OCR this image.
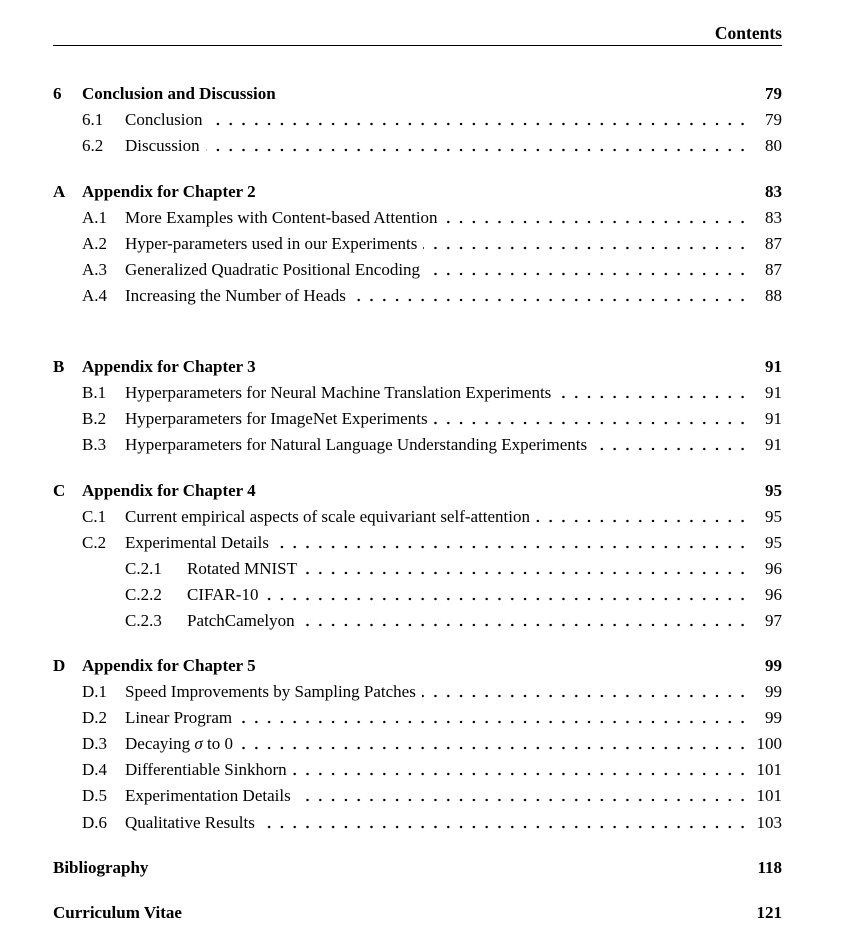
Contents
6 Conclusion and Discussion	79
6.1 Conclusion	79
6.2 Discussion	80
A Appendix for Chapter 2	83
A.1 More Examples with Content-based Attention	83
A.2 Hyper-parameters used in our Experiments	87
A.3 Generalized Quadratic Positional Encoding	87
A.4 Increasing the Number of Heads	88
B Appendix for Chapter 3	91
B.1 Hyperparameters for Neural Machine Translation Experiments	91
B.2 Hyperparameters for ImageNet Experiments	91
B.3 Hyperparameters for Natural Language Understanding Experiments	91
C Appendix for Chapter 4	95
C.1 Current empirical aspects of scale equivariant self-attention	95
C.2 Experimental Details	95
C.2.1 Rotated MNIST	96
C.2.2 CIFAR-10	96
C.2.3 PatchCamelyon	97
D Appendix for Chapter 5	99
D.1 Speed Improvements by Sampling Patches	99
D.2 Linear Program	99
D.3 Decaying σ to 0	100
D.4 Differentiable Sinkhorn	101
D.5 Experimentation Details	101
D.6 Qualitative Results	103
Bibliography	118
Curriculum Vitae	121
